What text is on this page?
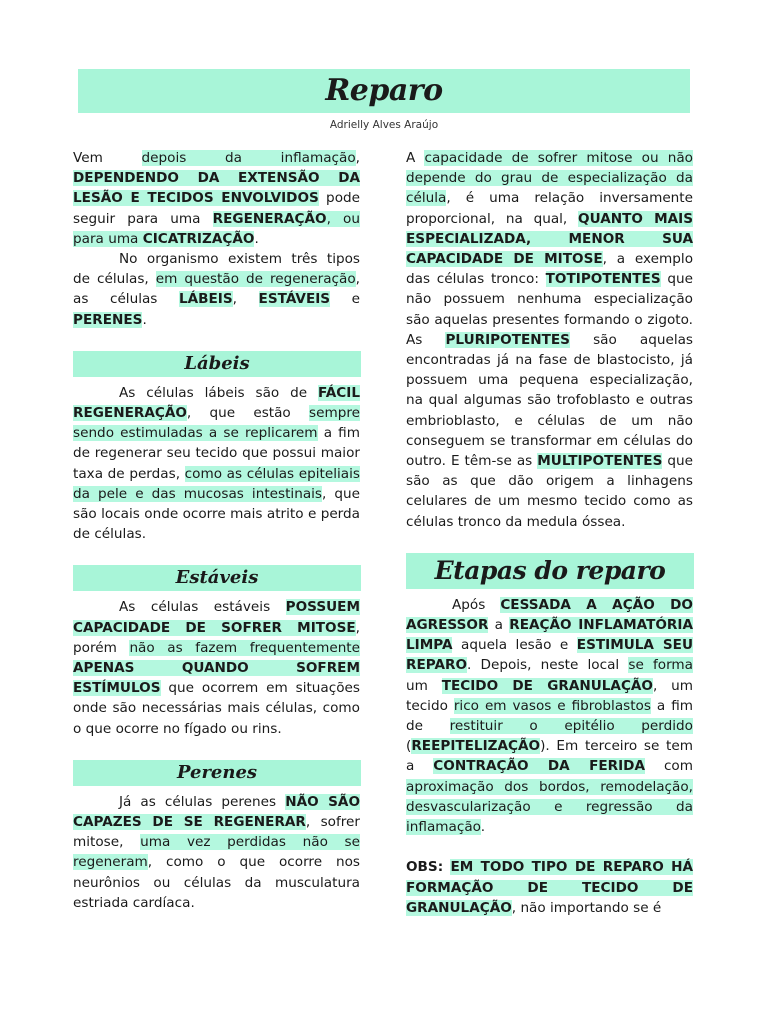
Reparo
Adrielly Alves Araújo

Vem depois da inflamação, DEPENDENDO DA EXTENSÃO DA LESÃO E TECIDOS ENVOLVIDOS pode seguir para uma REGENERAÇÃO, ou para uma CICATRIZAÇÃO.

No organismo existem três tipos de células, em questão de regeneração, as células LÁBEIS, ESTÁVEIS e PERENES.

Lábeis

As células lábeis são de FÁCIL REGENERAÇÃO, que estão sempre sendo estimuladas a se replicarem a fim de regenerar seu tecido que possui maior taxa de perdas, como as células epiteliais da pele e das mucosas intestinais, que são locais onde ocorre mais atrito e perda de células.

Estáveis

As células estáveis POSSUEM CAPACIDADE DE SOFRER MITOSE, porém não as fazem frequentemente APENAS QUANDO SOFREM ESTÍMULOS que ocorrem em situações onde são necessárias mais células, como o que ocorre no fígado ou rins.

Perenes

Já as células perenes NÃO SÃO CAPAZES DE SE REGENERAR, sofrer mitose, uma vez perdidas não se regeneram, como o que ocorre nos neurônios ou células da musculatura estriada cardíaca.

A capacidade de sofrer mitose ou não depende do grau de especialização da célula, é uma relação inversamente proporcional, na qual, QUANTO MAIS ESPECIALIZADA, MENOR SUA CAPACIDADE DE MITOSE, a exemplo das células tronco: TOTIPOTENTES que não possuem nenhuma especialização são aquelas presentes formando o zigoto. As PLURIPOTENTES são aquelas encontradas já na fase de blastocisto, já possuem uma pequena especialização, na qual algumas são trofoblasto e outras embrioblasto, e células de um não conseguem se transformar em células do outro. E têm-se as MULTIPOTENTES que são as que dão origem a linhagens celulares de um mesmo tecido como as células tronco da medula óssea.

Etapas do reparo

Após CESSADA A AÇÃO DO AGRESSOR a REAÇÃO INFLAMATÓRIA LIMPA aquela lesão e ESTIMULA SEU REPARO. Depois, neste local se forma um TECIDO DE GRANULAÇÃO, um tecido rico em vasos e fibroblastos a fim de restituir o epitélio perdido (REEPITELIZAÇÃO). Em terceiro se tem a CONTRAÇÃO DA FERIDA com aproximação dos bordos, remodelação, desvascularização e regressão da inflamação.

OBS: EM TODO TIPO DE REPARO HÁ FORMAÇÃO DE TECIDO DE GRANULAÇÃO, não importando se é
